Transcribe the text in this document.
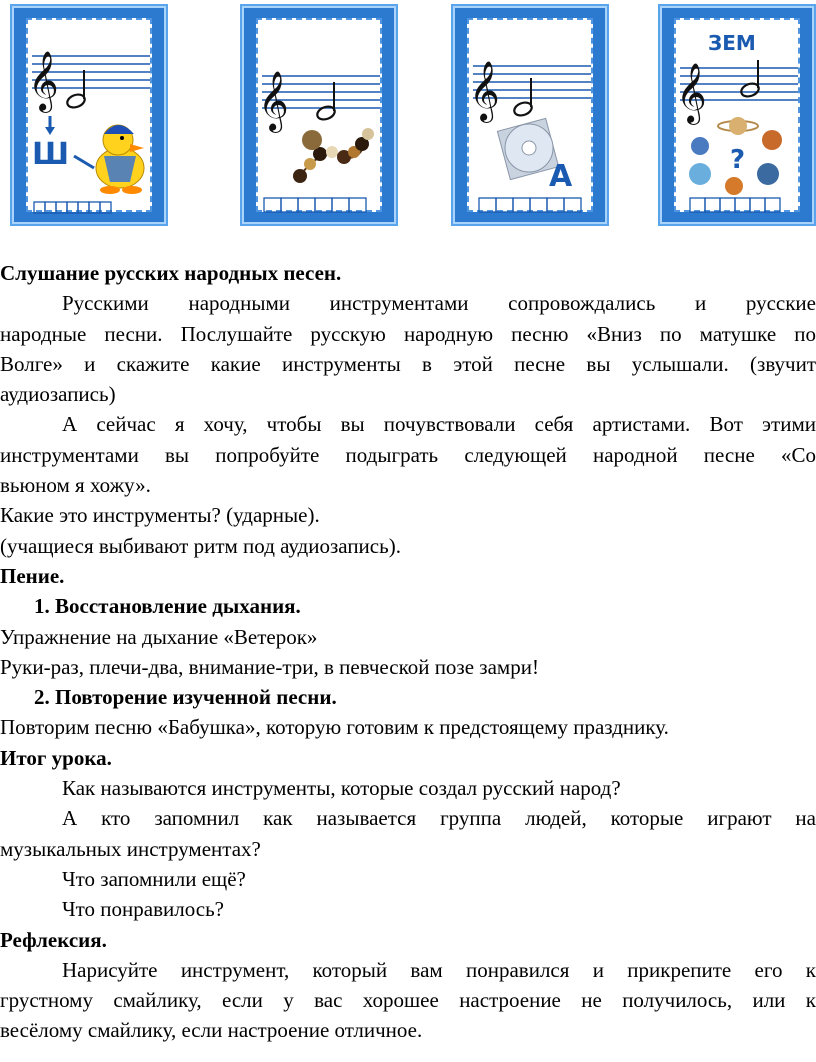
𝄞
Ш
𝄞	𝄞
А
ЗЕМ
𝄞
?
Слушание русских народных песен.
Русскими народными инструментами сопровождались и русские
народные песни. Послушайте русскую народную песню «Вниз по матушке по
Волге» и скажите какие инструменты в этой песне вы услышали. (звучит
аудиозапись)
А сейчас я хочу, чтобы вы почувствовали себя артистами. Вот этими
инструментами вы попробуйте подыграть следующей народной песне «Со
вьюном я хожу».
Какие это инструменты? (ударные).
(учащиеся выбивают ритм под аудиозапись).
Пение.
1. Восстановление дыхания.
Упражнение на дыхание «Ветерок»
Руки-раз, плечи-два, внимание-три, в певческой позе замри!
2. Повторение изученной песни.
Повторим песню «Бабушка», которую готовим к предстоящему празднику.
Итог урока.
Как называются инструменты, которые создал русский народ?
А кто запомнил как называется группа людей, которые играют на
музыкальных инструментах?
Что запомнили ещё?
Что понравилось?
Рефлексия.
Нарисуйте инструмент, который вам понравился и прикрепите его к
грустному смайлику, если у вас хорошее настроение не получилось, или к
весёлому смайлику, если настроение отличное.
